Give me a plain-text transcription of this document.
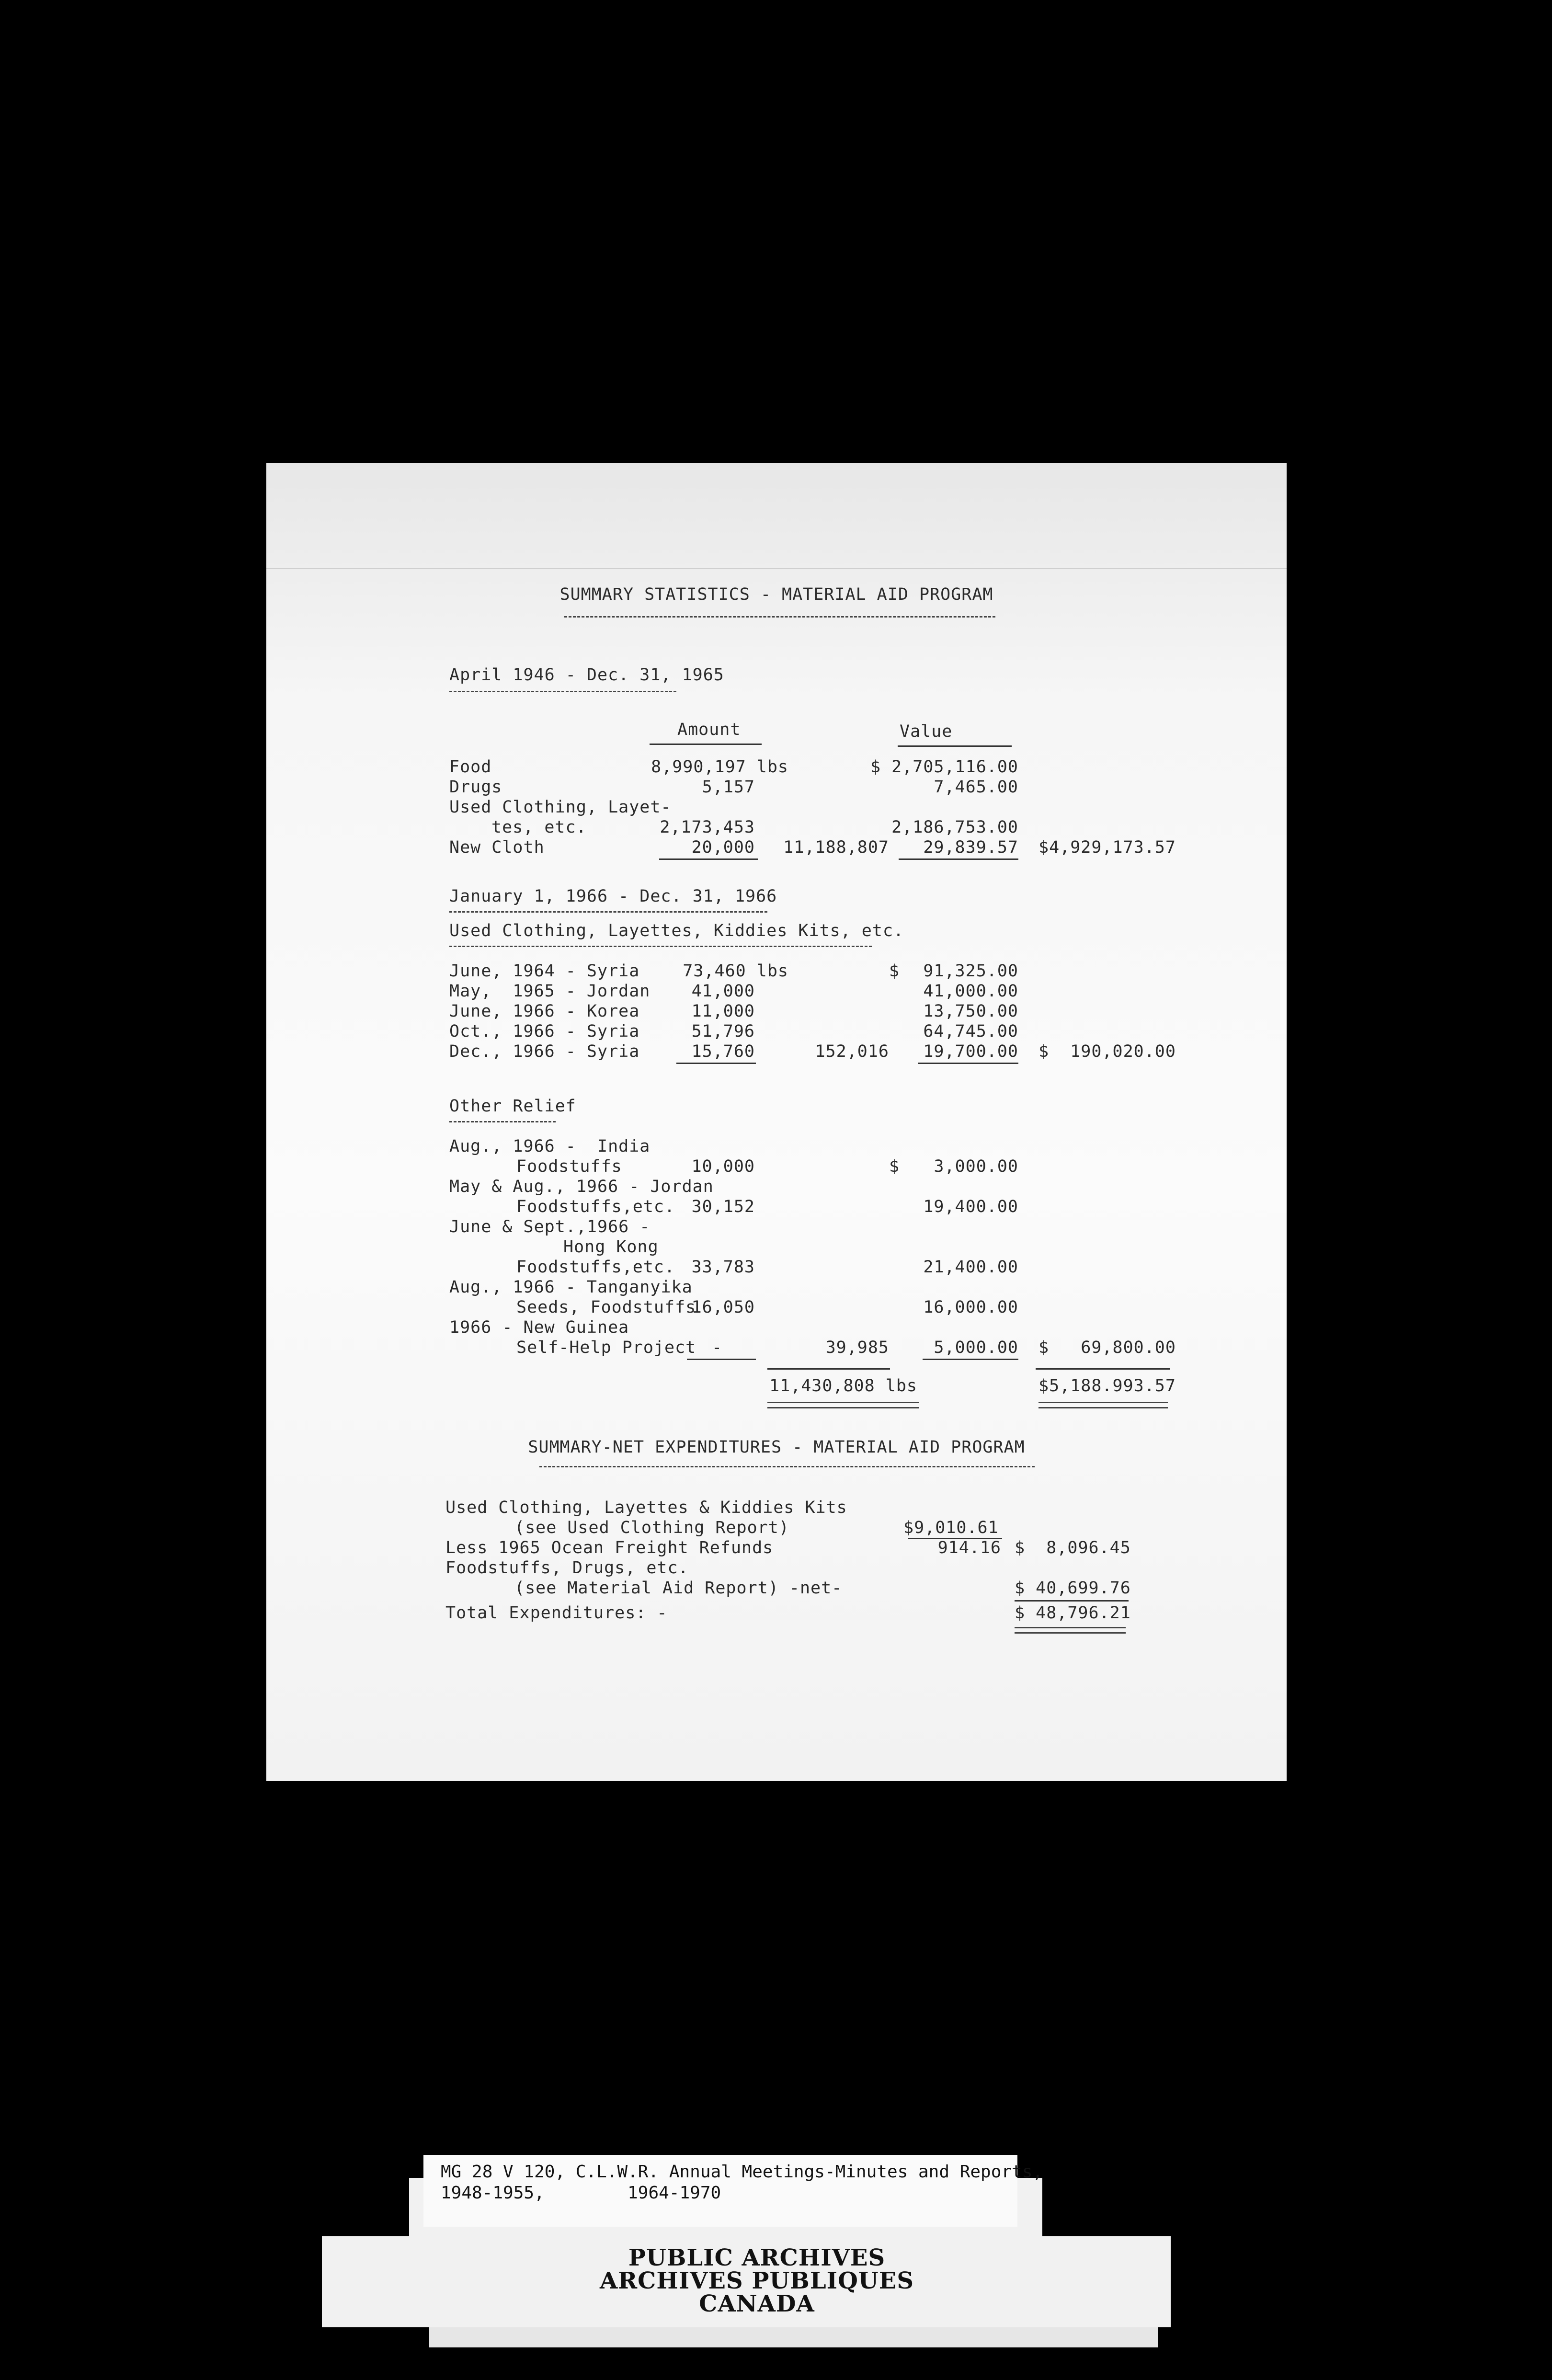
SUMMARY STATISTICS - MATERIAL AID PROGRAM
April 1946 - Dec. 31, 1965
Amount	Value
Food	8,990,197 lbs	$ 2,705,116.00
Drugs	5,157	7,465.00
Used Clothing, Layet-
tes, etc.	2,173,453	2,186,753.00
New Cloth	20,000	11,188,807	29,839.57 $4,929,173.57
January 1, 1966 - Dec. 31, 1966
Used Clothing, Layettes, Kiddies Kits, etc.
June, 1964 - Syria	73,460 lbs	$	91,325.00
May,  1965 - Jordan	41,000	41,000.00
June, 1966 - Korea	11,000	13,750.00
Oct., 1966 - Syria	51,796	64,745.00
Dec., 1966 - Syria	15,760	152,016	19,700.00 $  190,020.00
Other Relief
Aug., 1966 -  India
Foodstuffs	10,000	$	3,000.00
May & Aug., 1966 - Jordan
Foodstuffs,etc. 30,152	19,400.00
June & Sept.,1966 -
Hong Kong
Foodstuffs,etc. 33,783	21,400.00
Aug., 1966 - Tanganyika
Seeds, Foodstuffs
16,050	16,000.00
1966 - New Guinea
Self-Help Project -	39,985	5,000.00 $   69,800.00
11,430,808 lbs	$5,188.993.57
SUMMARY-NET EXPENDITURES - MATERIAL AID PROGRAM
Used Clothing, Layettes & Kiddies Kits
(see Used Clothing Report)	$9,010.61
Less 1965 Ocean Freight Refunds	914.16 $  8,096.45
Foodstuffs, Drugs, etc.
(see Material Aid Report) -net-	$ 40,699.76
Total Expenditures: -	$ 48,796.21
MG 28 V 120, C.L.W.R. Annual Meetings-Minutes and Reports,
1948-1955,        1964-1970
PUBLIC ARCHIVES
ARCHIVES PUBLIQUES
CANADA
